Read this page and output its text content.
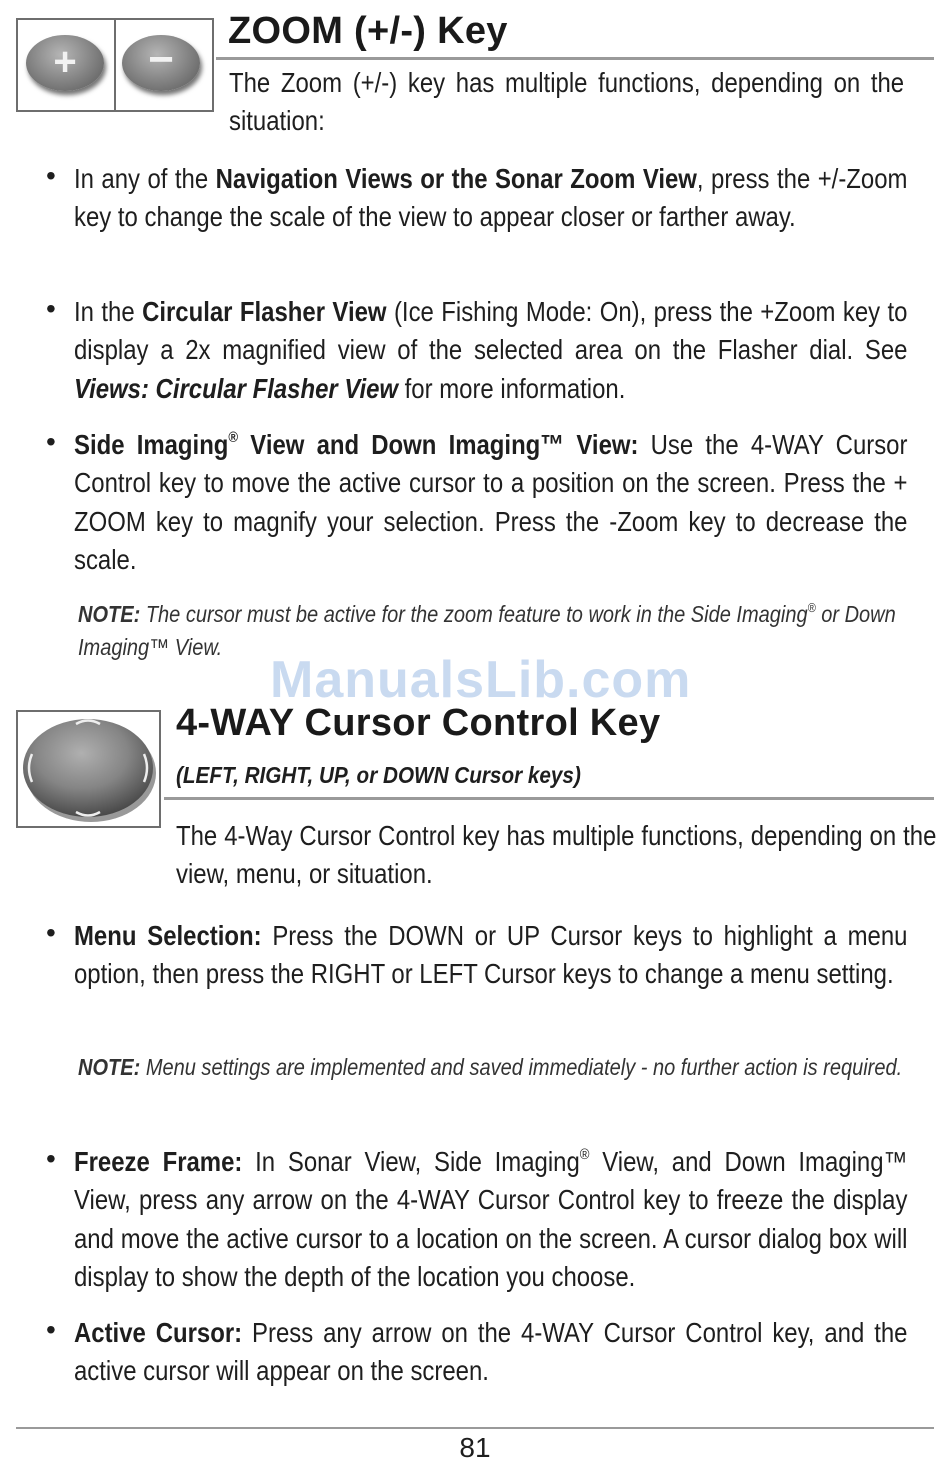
+	−
ZOOM (+/-) Key
The Zoom (+/-) key has multiple functions, depending on the situation:
• In any of the Navigation Views or the Sonar Zoom View, press the +/-Zoom key to change the scale of the view to appear closer or farther away.
• In the Circular Flasher View (Ice Fishing Mode: On), press the +Zoom key to display a 2x magnified view of the selected area on the Flasher dial. See Views: Circular Flasher View for more information.
• Side Imaging® View and Down Imaging™ View: Use the 4-WAY Cursor Control key to move the active cursor to a position on the screen. Press the + ZOOM key to magnify your selection. Press the -Zoom key to decrease the scale.
NOTE: The cursor must be active for the zoom feature to work in the Side Imaging® or Down Imaging™ View.
ManualsLib.com
4-WAY Cursor Control Key
(LEFT, RIGHT, UP, or DOWN Cursor keys)
The 4-Way Cursor Control key has multiple functions, depending on the view, menu, or situation.
• Menu Selection: Press the DOWN or UP Cursor keys to highlight a menu option, then press the RIGHT or LEFT Cursor keys to change a menu setting.
NOTE: Menu settings are implemented and saved immediately - no further action is required.
• Freeze Frame: In Sonar View, Side Imaging® View, and Down Imaging™ View, press any arrow on the 4-WAY Cursor Control key to freeze the display and move the active cursor to a location on the screen. A cursor dialog box will display to show the depth of the location you choose.
• Active Cursor: Press any arrow on the 4-WAY Cursor Control key, and the active cursor will appear on the screen.
81
